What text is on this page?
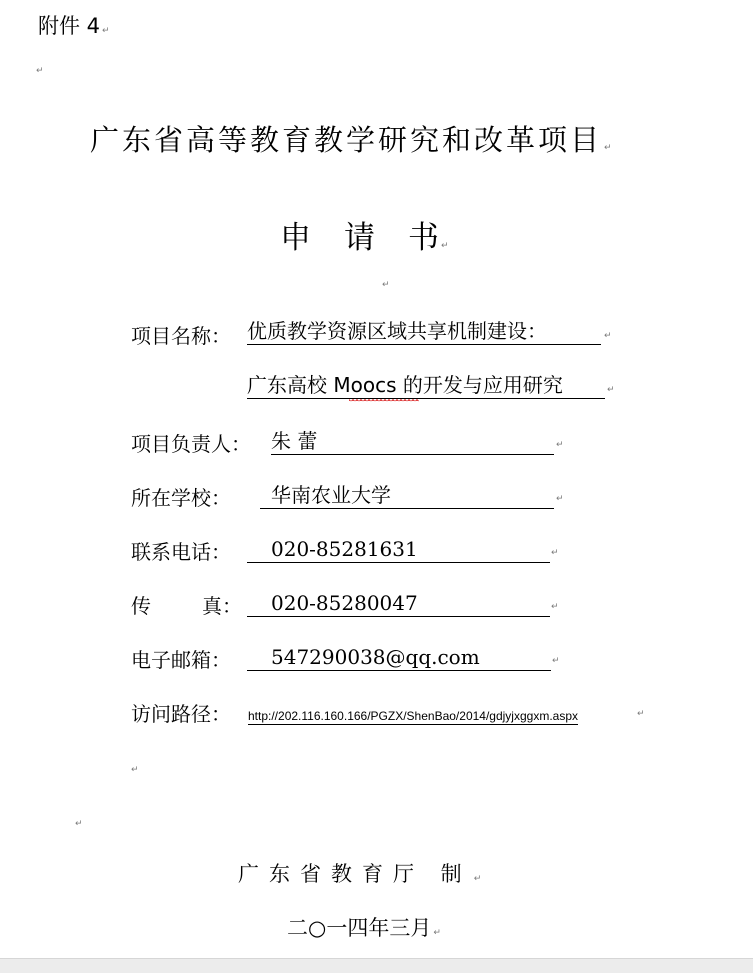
附件 4 ↵
↵
广东省高等教育教学研究和改革项目 ↵
申 请 书 ↵
↵
项目名称： 优质教学资源区域共享机制建设：	↵
广东高校 Moocs 的开发与应用研究	↵
项目负责人： 朱 蕾	↵
所在学校：	华南农业大学	↵
联系电话：	020-85281631	↵
传	真：	020-85280047	↵
电子邮箱：	547290038@qq.com	↵
访问路径： http://202.116.160.166/PGZX/ShenBao/2014/gdjyjxggxm.aspx	↵
↵
↵
广东省教育厅 制 ↵
二○一四年三月 ↵
